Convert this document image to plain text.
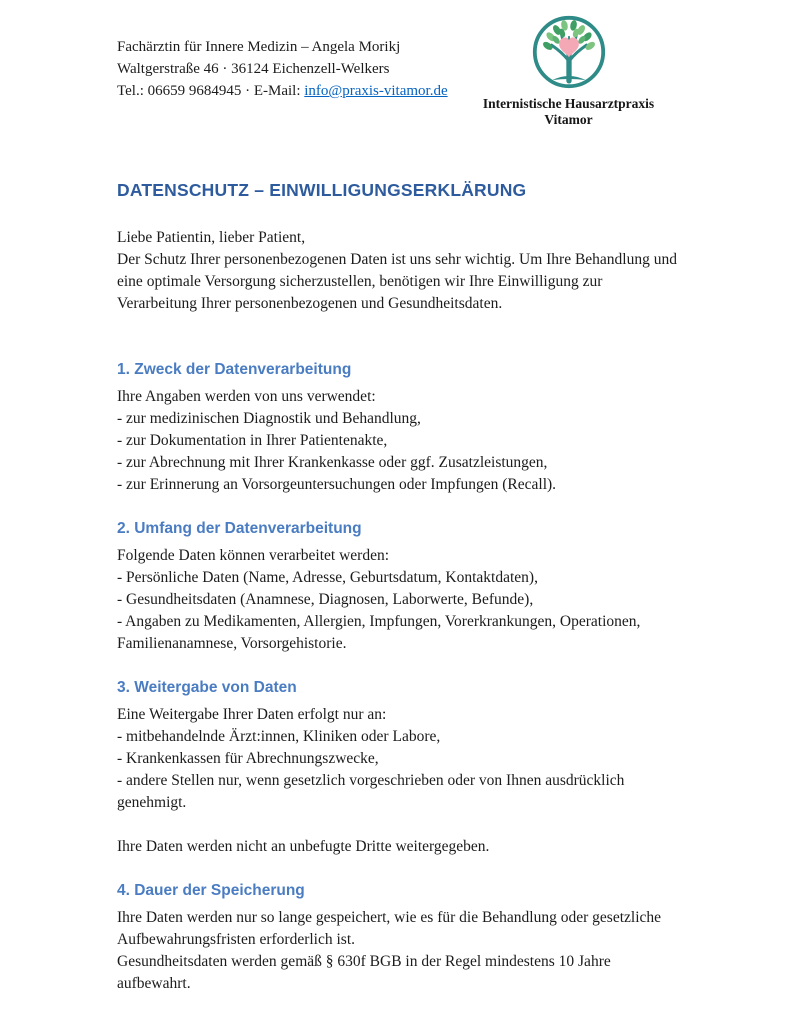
Fachärztin für Innere Medizin – Angela Morikj
Waltgerstraße 46 · 36124 Eichenzell-Welkers
Tel.: 06659 9684945 · E-Mail: info@praxis-vitamor.de
Internistische Hausarztpraxis
Vitamor
DATENSCHUTZ – EINWILLIGUNGSERKLÄRUNG
Liebe Patientin, lieber Patient,
Der Schutz Ihrer personenbezogenen Daten ist uns sehr wichtig. Um Ihre Behandlung und eine optimale Versorgung sicherzustellen, benötigen wir Ihre Einwilligung zur Verarbeitung Ihrer personenbezogenen und Gesundheitsdaten.
1. Zweck der Datenverarbeitung
Ihre Angaben werden von uns verwendet:
- zur medizinischen Diagnostik und Behandlung,
- zur Dokumentation in Ihrer Patientenakte,
- zur Abrechnung mit Ihrer Krankenkasse oder ggf. Zusatzleistungen,
- zur Erinnerung an Vorsorgeuntersuchungen oder Impfungen (Recall).
2. Umfang der Datenverarbeitung
Folgende Daten können verarbeitet werden:
- Persönliche Daten (Name, Adresse, Geburtsdatum, Kontaktdaten),
- Gesundheitsdaten (Anamnese, Diagnosen, Laborwerte, Befunde),
- Angaben zu Medikamenten, Allergien, Impfungen, Vorerkrankungen, Operationen, Familienanamnese, Vorsorgehistorie.
3. Weitergabe von Daten
Eine Weitergabe Ihrer Daten erfolgt nur an:
- mitbehandelnde Ärzt:innen, Kliniken oder Labore,
- Krankenkassen für Abrechnungszwecke,
- andere Stellen nur, wenn gesetzlich vorgeschrieben oder von Ihnen ausdrücklich genehmigt.
Ihre Daten werden nicht an unbefugte Dritte weitergegeben.
4. Dauer der Speicherung
Ihre Daten werden nur so lange gespeichert, wie es für die Behandlung oder gesetzliche Aufbewahrungsfristen erforderlich ist.
Gesundheitsdaten werden gemäß § 630f BGB in der Regel mindestens 10 Jahre aufbewahrt.
